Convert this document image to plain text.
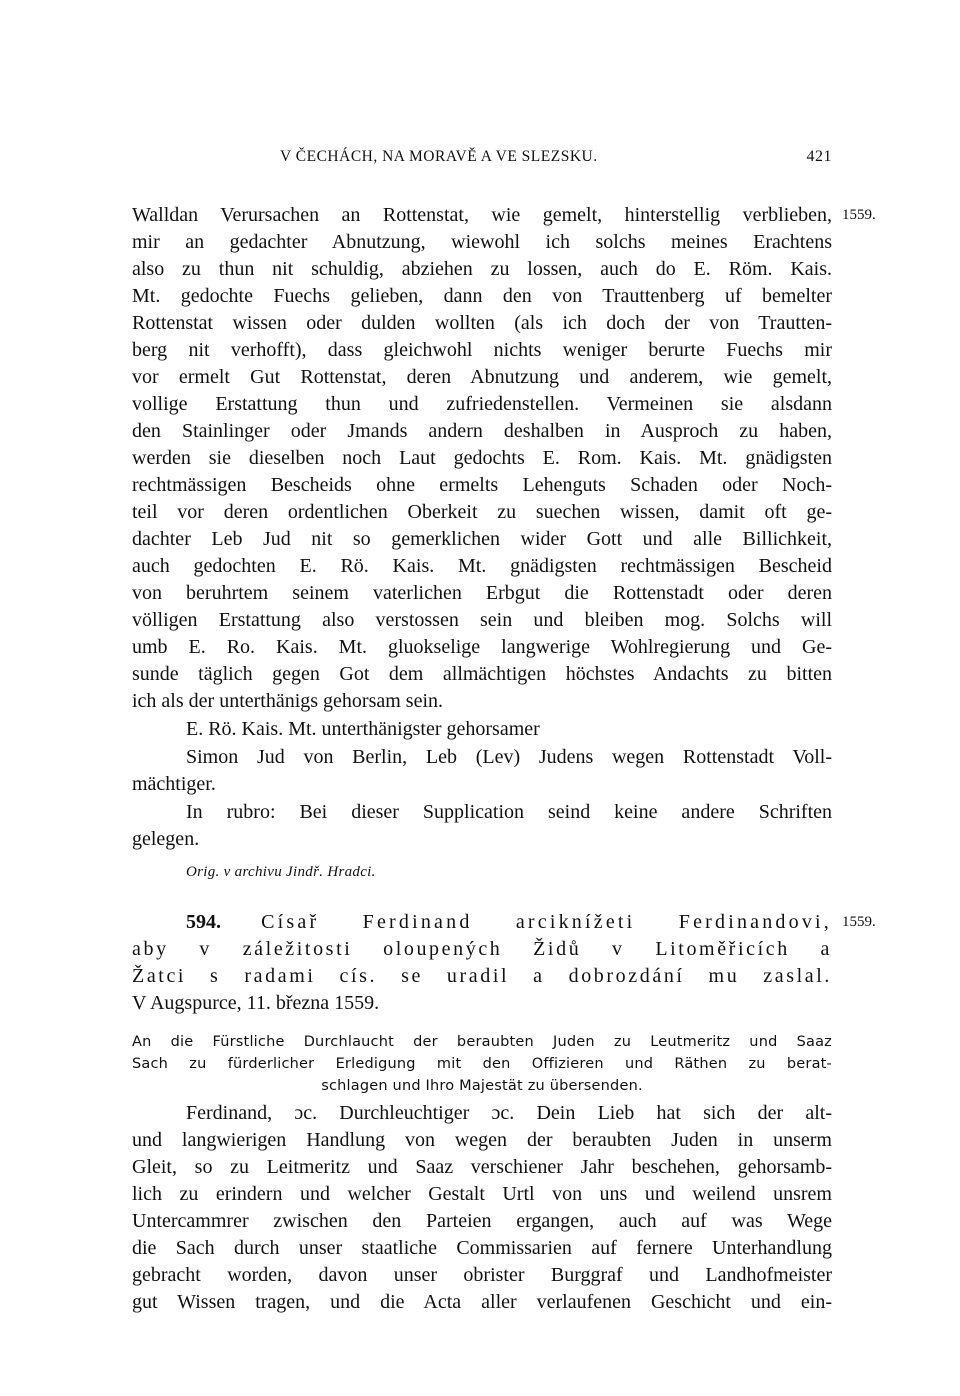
V ČECHÁCH, NA MORAVĚ A VE SLEZSKU.	421
Walldan Verursachen an Rottenstat, wie gemelt, hinterstellig verblieben, 1559.
mir an gedachter Abnutzung, wiewohl ich solchs meines Erachtens
also zu thun nit schuldig, abziehen zu lossen, auch do E. Röm. Kais.
Mt. gedochte Fuechs gelieben, dann den von Trauttenberg uf bemelter
Rottenstat wissen oder dulden wollten (als ich doch der von Trautten-
berg nit verhofft), dass gleichwohl nichts weniger berurte Fuechs mir
vor ermelt Gut Rottenstat, deren Abnutzung und anderem, wie gemelt,
vollige Erstattung thun und zufriedenstellen. Vermeinen sie alsdann
den Stainlinger oder Jmands andern deshalben in Ausproch zu haben,
werden sie dieselben noch Laut gedochts E. Rom. Kais. Mt. gnädigsten
rechtmässigen Bescheids ohne ermelts Lehenguts Schaden oder Noch-
teil vor deren ordentlichen Oberkeit zu suechen wissen, damit oft ge-
dachter Leb Jud nit so gemerklichen wider Gott und alle Billichkeit,
auch gedochten E. Rö. Kais. Mt. gnädigsten rechtmässigen Bescheid
von beruhrtem seinem vaterlichen Erbgut die Rottenstadt oder deren
völligen Erstattung also verstossen sein und bleiben mog. Solchs will
umb E. Ro. Kais. Mt. gluokselige langwerige Wohlregierung und Ge-
sunde täglich gegen Got dem allmächtigen höchstes Andachts zu bitten
ich als der unterthänigs gehorsam sein.
E. Rö. Kais. Mt. unterthänigster gehorsamer
Simon Jud von Berlin, Leb (Lev) Judens wegen Rottenstadt Voll-
mächtiger.
In rubro: Bei dieser Supplication seind keine andere Schriften
gelegen.
Orig. v archivu Jindř. Hradci.
594. Císař Ferdinand arciknížeti Ferdinandovi, 1559.
aby v záležitosti oloupených Židů v Litoměřicích a
Žatci s radami cís. se uradil a dobrozdání mu zaslal.
V Augspurce, 11. března 1559.
An die Fürstliche Durchlaucht der beraubten Juden zu Leutmeritz und Saaz
Sach zu fürderlicher Erledigung mit den Offizieren und Räthen zu berat-
schlagen und Ihro Majestät zu übersenden.
Ferdinand, ɔc. Durchleuchtiger ɔc. Dein Lieb hat sich der alt-
und langwierigen Handlung von wegen der beraubten Juden in unserm
Gleit, so zu Leitmeritz und Saaz verschiener Jahr beschehen, gehorsamb-
lich zu erindern und welcher Gestalt Urtl von uns und weilend unsrem
Untercammrer zwischen den Parteien ergangen, auch auf was Wege
die Sach durch unser staatliche Commissarien auf fernere Unterhandlung
gebracht worden, davon unser obrister Burggraf und Landhofmeister
gut Wissen tragen, und die Acta aller verlaufenen Geschicht und ein-
